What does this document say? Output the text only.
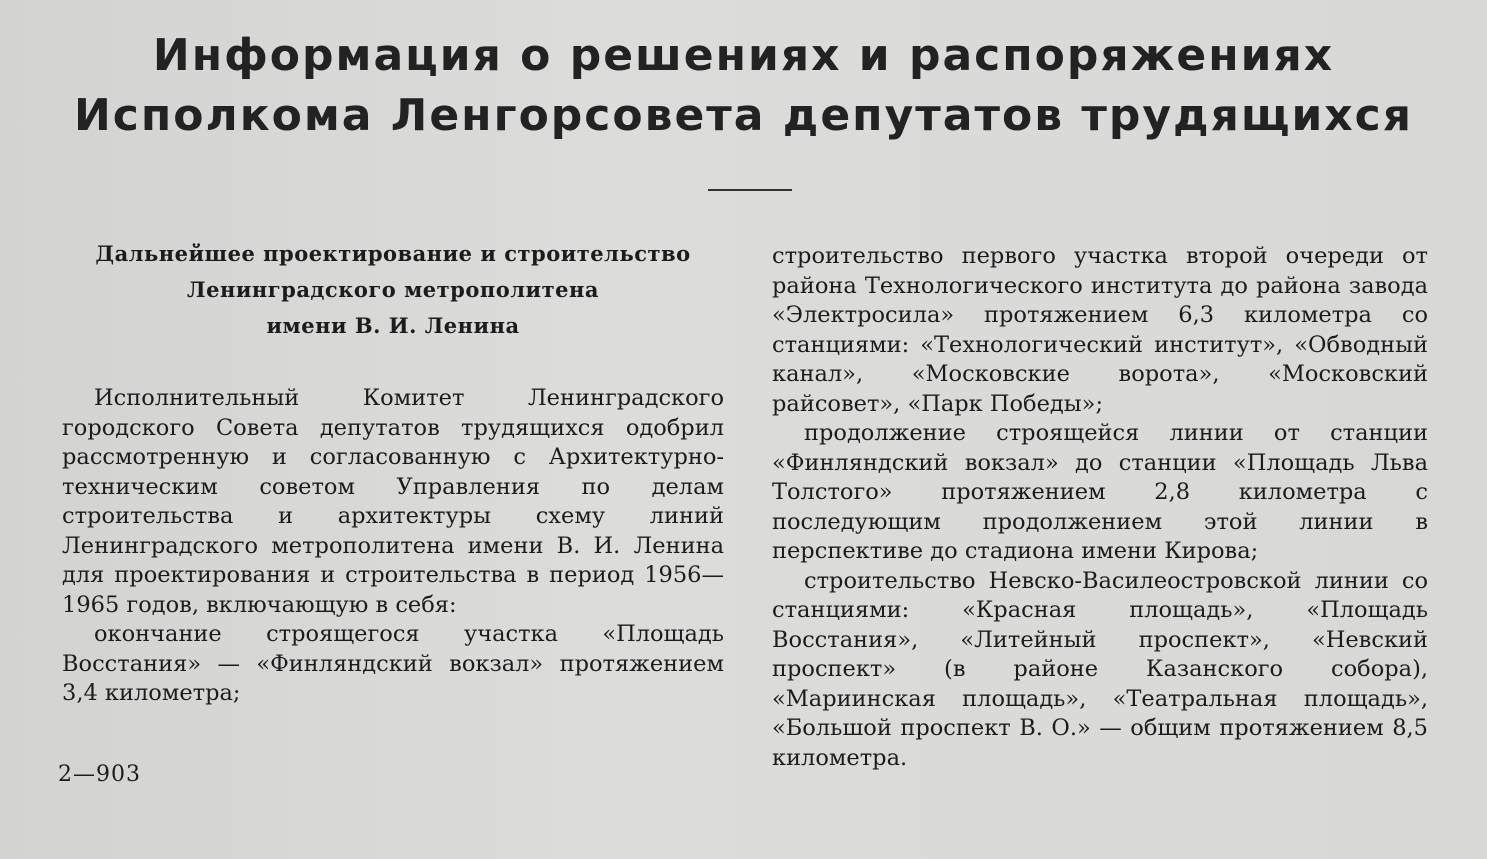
Информация о решениях и распоряжениях
Исполкома Ленгорсовета депутатов трудящихся
Дальнейшее проектирование и строительство
Ленинградского метрополитена
имени В. И. Ленина

Исполнительный Комитет Ленинградского городского Совета депутатов трудящихся одобрил рассмотренную и согласованную с Архитектурно-техническим советом Управления по делам строительства и архитектуры схему линий Ленинградского метрополитена имени В. И. Ленина для проектирования и строительства в период 1956—1965 годов, включающую в себя:

окончание строящегося участка «Площадь Восстания» — «Финляндский вокзал» протяжением 3,4 километра;

строительство первого участка второй очереди от района Технологического института до района завода «Электросила» протяжением 6,3 километра со станциями: «Технологический институт», «Обводный канал», «Московские ворота», «Московский райсовет», «Парк Победы»;

продолжение строящейся линии от станции «Финляндский вокзал» до станции «Площадь Льва Толстого» протяжением 2,8 километра с последующим продолжением этой линии в перспективе до стадиона имени Кирова;

строительство Невско-Василеостровской линии со станциями: «Красная площадь», «Площадь Восстания», «Литейный проспект», «Невский проспект» (в районе Казанского собора), «Мариинская площадь», «Театральная площадь», «Большой проспект В. О.» — общим протяжением 8,5 километра.

2—903
